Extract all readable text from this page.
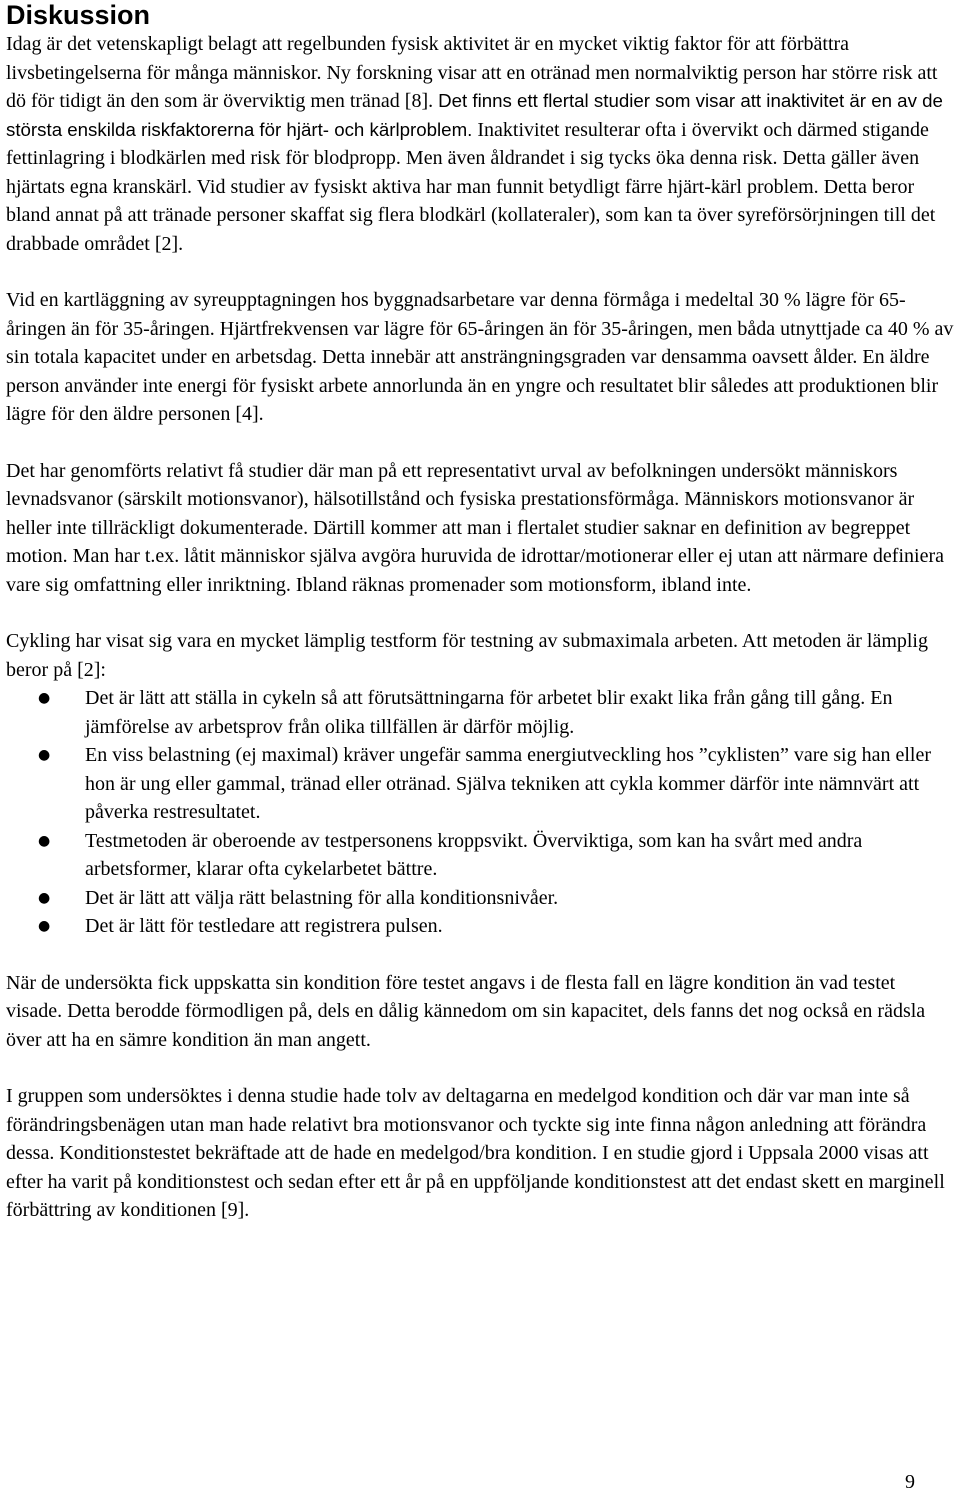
Diskussion

Idag är det vetenskapligt belagt att regelbunden fysisk aktivitet är en mycket viktig faktor för att förbättra livsbetingelserna för många människor. Ny forskning visar att en otränad men normalviktig person har större risk att dö för tidigt än den som är överviktig men tränad [8]. Det finns ett flertal studier som visar att inaktivitet är en av de största enskilda riskfaktorerna för hjärt- och kärlproblem. Inaktivitet resulterar ofta i övervikt och därmed stigande fettinlagring i blodkärlen med risk för blodpropp. Men även åldrandet i sig tycks öka denna risk. Detta gäller även hjärtats egna kranskärl. Vid studier av fysiskt aktiva har man funnit betydligt färre hjärt-kärl problem. Detta beror bland annat på att tränade personer skaffat sig flera blodkärl (kollateraler), som kan ta över syreförsörjningen till det drabbade området [2].

Vid en kartläggning av syreupptagningen hos byggnadsarbetare var denna förmåga i medeltal 30 % lägre för 65-åringen än för 35-åringen. Hjärtfrekvensen var lägre för 65-åringen än för 35-åringen, men båda utnyttjade ca 40 % av sin totala kapacitet under en arbetsdag. Detta innebär att ansträngningsgraden var densamma oavsett ålder. En äldre person använder inte energi för fysiskt arbete annorlunda än en yngre och resultatet blir således att produktionen blir lägre för den äldre personen [4].

Det har genomförts relativt få studier där man på ett representativt urval av befolkningen undersökt människors levnadsvanor (särskilt motionsvanor), hälsotillstånd och fysiska prestationsförmåga. Människors motionsvanor är heller inte tillräckligt dokumenterade. Därtill kommer att man i flertalet studier saknar en definition av begreppet motion. Man har t.ex. låtit människor själva avgöra huruvida de idrottar/motionerar eller ej utan att närmare definiera vare sig omfattning eller inriktning. Ibland räknas promenader som motionsform, ibland inte.

Cykling har visat sig vara en mycket lämplig testform för testning av submaximala arbeten. Att metoden är lämplig beror på [2]:

● Det är lätt att ställa in cykeln så att förutsättningarna för arbetet blir exakt lika från gång till gång. En jämförelse av arbetsprov från olika tillfällen är därför möjlig.
● En viss belastning (ej maximal) kräver ungefär samma energiutveckling hos ”cyklisten” vare sig han eller hon är ung eller gammal, tränad eller otränad. Själva tekniken att cykla kommer därför inte nämnvärt att påverka restresultatet.
● Testmetoden är oberoende av testpersonens kroppsvikt. Överviktiga, som kan ha svårt med andra arbetsformer, klarar ofta cykelarbetet bättre.
● Det är lätt att välja rätt belastning för alla konditionsnivåer.
● Det är lätt för testledare att registrera pulsen.

När de undersökta fick uppskatta sin kondition före testet angavs i de flesta fall en lägre kondition än vad testet visade. Detta berodde förmodligen på, dels en dålig kännedom om sin kapacitet, dels fanns det nog också en rädsla över att ha en sämre kondition än man angett.

I gruppen som undersöktes i denna studie hade tolv av deltagarna en medelgod kondition och där var man inte så förändringsbenägen utan man hade relativt bra motionsvanor och tyckte sig inte finna någon anledning att förändra dessa. Konditionstestet bekräftade att de hade en medelgod/bra kondition. I en studie gjord i Uppsala 2000 visas att efter ha varit på konditionstest och sedan efter ett år på en uppföljande konditionstest att det endast skett en marginell förbättring av konditionen [9].

9
